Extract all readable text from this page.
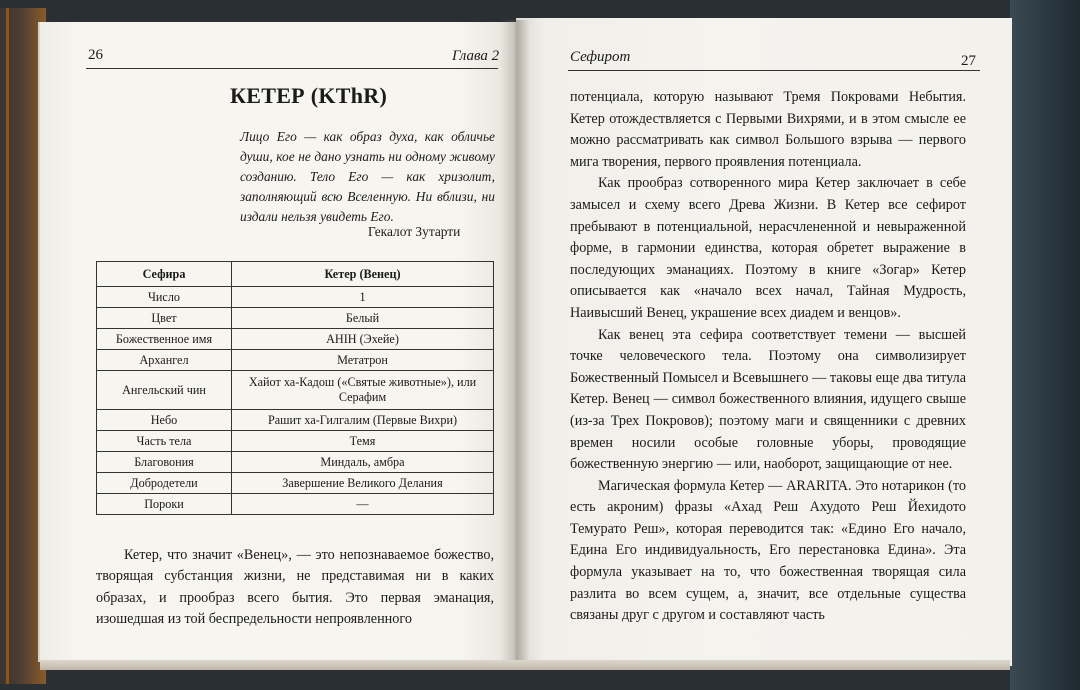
26	Глава 2
КЕТЕР (KThR)
Лицо Его — как образ духа, как обличье души, кое не дано узнать ни одному живому созданию. Тело Его — как хризолит, заполняющий всю Вселенную. Ни вблизи, ни издали нельзя увидеть Его.
Гекалот Зутарти
Сефира	Кетер (Венец)
Число	1
Цвет	Белый
Божественное имя	AHIH (Эхейе)
Архангел	Метатрон
Ангельский чин	Хайот ха-Кадош («Святые животные»), или Серафим
Небо	Рашит ха-Гилгалим (Первые Вихри)
Часть тела	Темя
Благовония	Миндаль, амбра
Добродетели	Завершение Великого Делания
Пороки	—

Кетер, что значит «Венец», — это непознаваемое божество, творящая субстанция жизни, не представимая ни в каких образах, и прообраз всего бытия. Это первая эманация, изошедшая из той беспредельности непроявленного

Сефирот	27

потенциала, которую называют Тремя Покровами Небытия. Кетер отождествляется с Первыми Вихрями, и в этом смысле ее можно рассматривать как символ Большого взрыва — первого мига творения, первого проявления потенциала.

Как прообраз сотворенного мира Кетер заключает в себе замысел и схему всего Древа Жизни. В Кетер все сефирот пребывают в потенциальной, нерасчлененной и невыраженной форме, в гармонии единства, которая обретет выражение в последующих эманациях. Поэтому в книге «Зогар» Кетер описывается как «начало всех начал, Тайная Мудрость, Наивысший Венец, украшение всех диадем и венцов».

Как венец эта сефира соответствует темени — высшей точке человеческого тела. Поэтому она символизирует Божественный Помысел и Всевышнего — таковы еще два титула Кетер. Венец — символ божественного влияния, идущего свыше (из-за Трех Покровов); поэтому маги и священники с древних времен носили особые головные уборы, проводящие божественную энергию — или, наоборот, защищающие от нее.

Магическая формула Кетер — ARARITA. Это нотарикон (то есть акроним) фразы «Ахад Реш Ахудото Реш Йехидото Темурато Реш», которая переводится так: «Едино Его начало, Едина Его индивидуальность, Его перестановка Едина». Эта формула указывает на то, что божественная творящая сила разлита во всем сущем, а, значит, все отдельные существа связаны друг с другом и составляют часть
